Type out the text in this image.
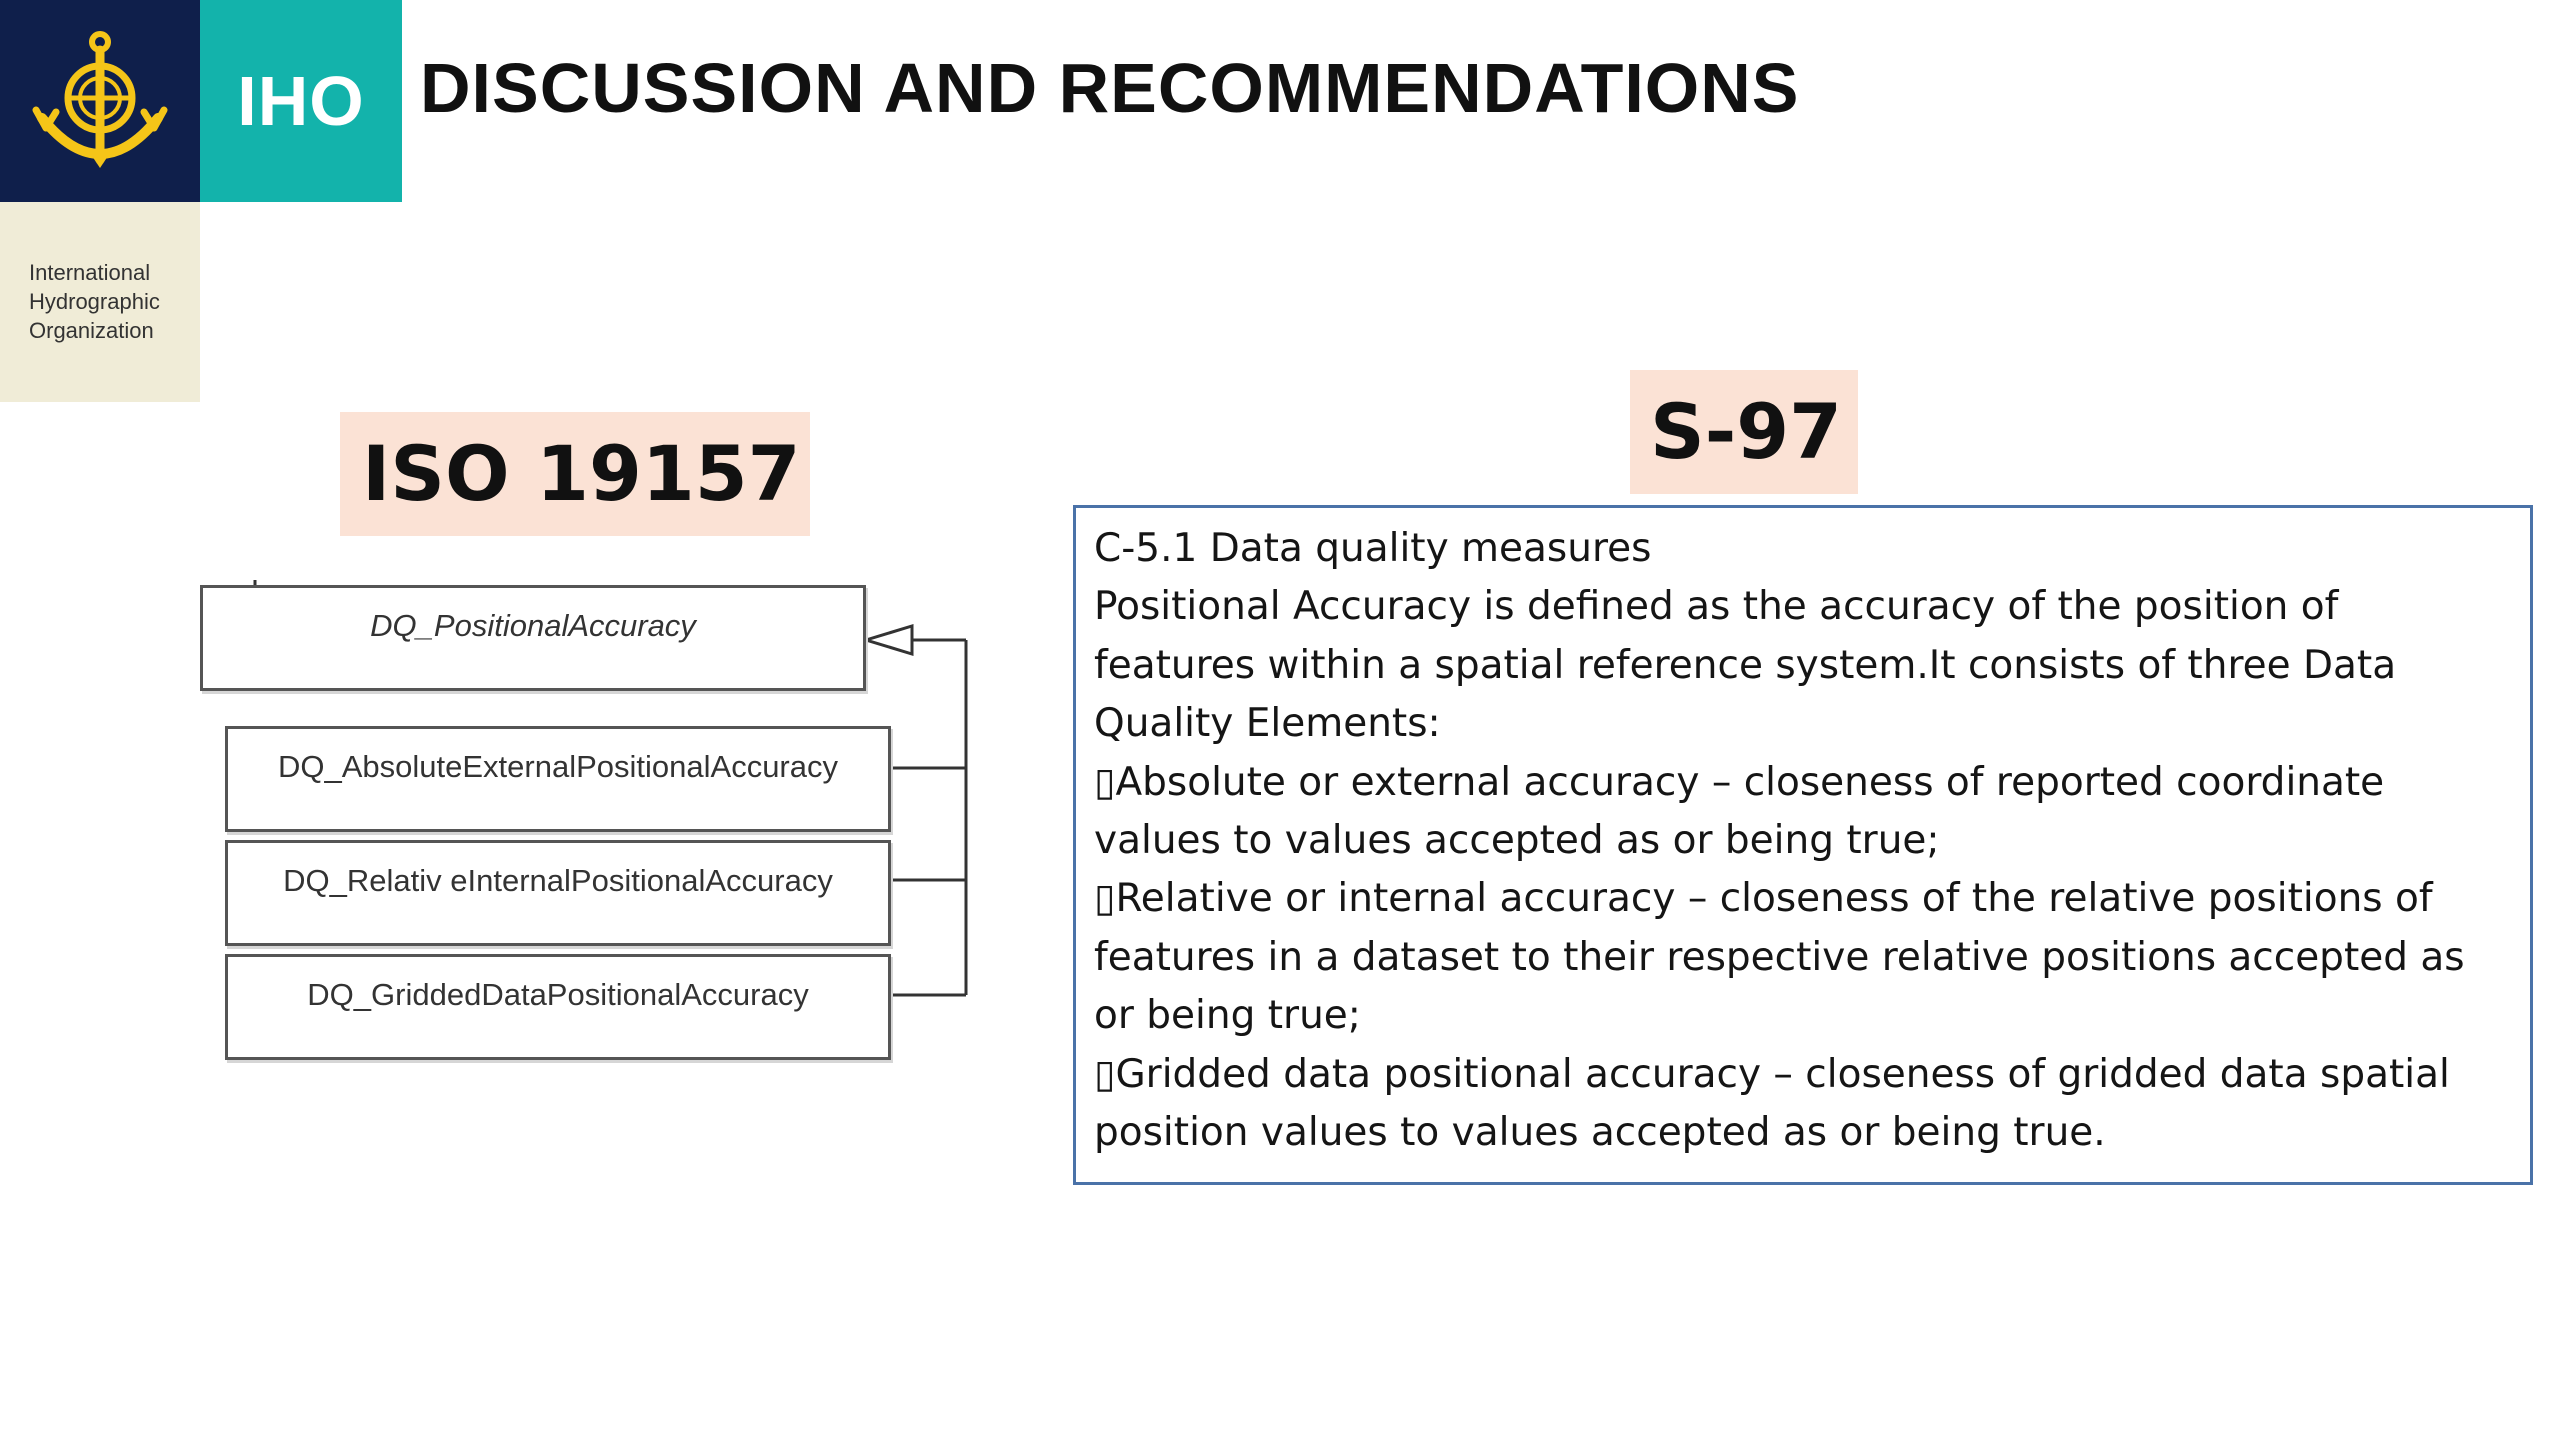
IHO
International
Hydrographic
Organization
DISCUSSION AND RECOMMENDATIONS
ISO 19157	S-97
DQ_PositionalAccuracy
DQ_AbsoluteExternalPositionalAccuracy
DQ_Relativ eInternalPositionalAccuracy
DQ_GriddedDataPositionalAccuracy
C-5.1 Data quality measures
Positional Accuracy is defined as the accuracy of the position of
features within a spatial reference system.It consists of three Data
Quality Elements:
▯Absolute or external accuracy – closeness of reported coordinate
values to values accepted as or being true;
▯Relative or internal accuracy – closeness of the relative positions of
features in a dataset to their respective relative positions accepted as
or being true;
▯Gridded data positional accuracy – closeness of gridded data spatial
position values to values accepted as or being true.
